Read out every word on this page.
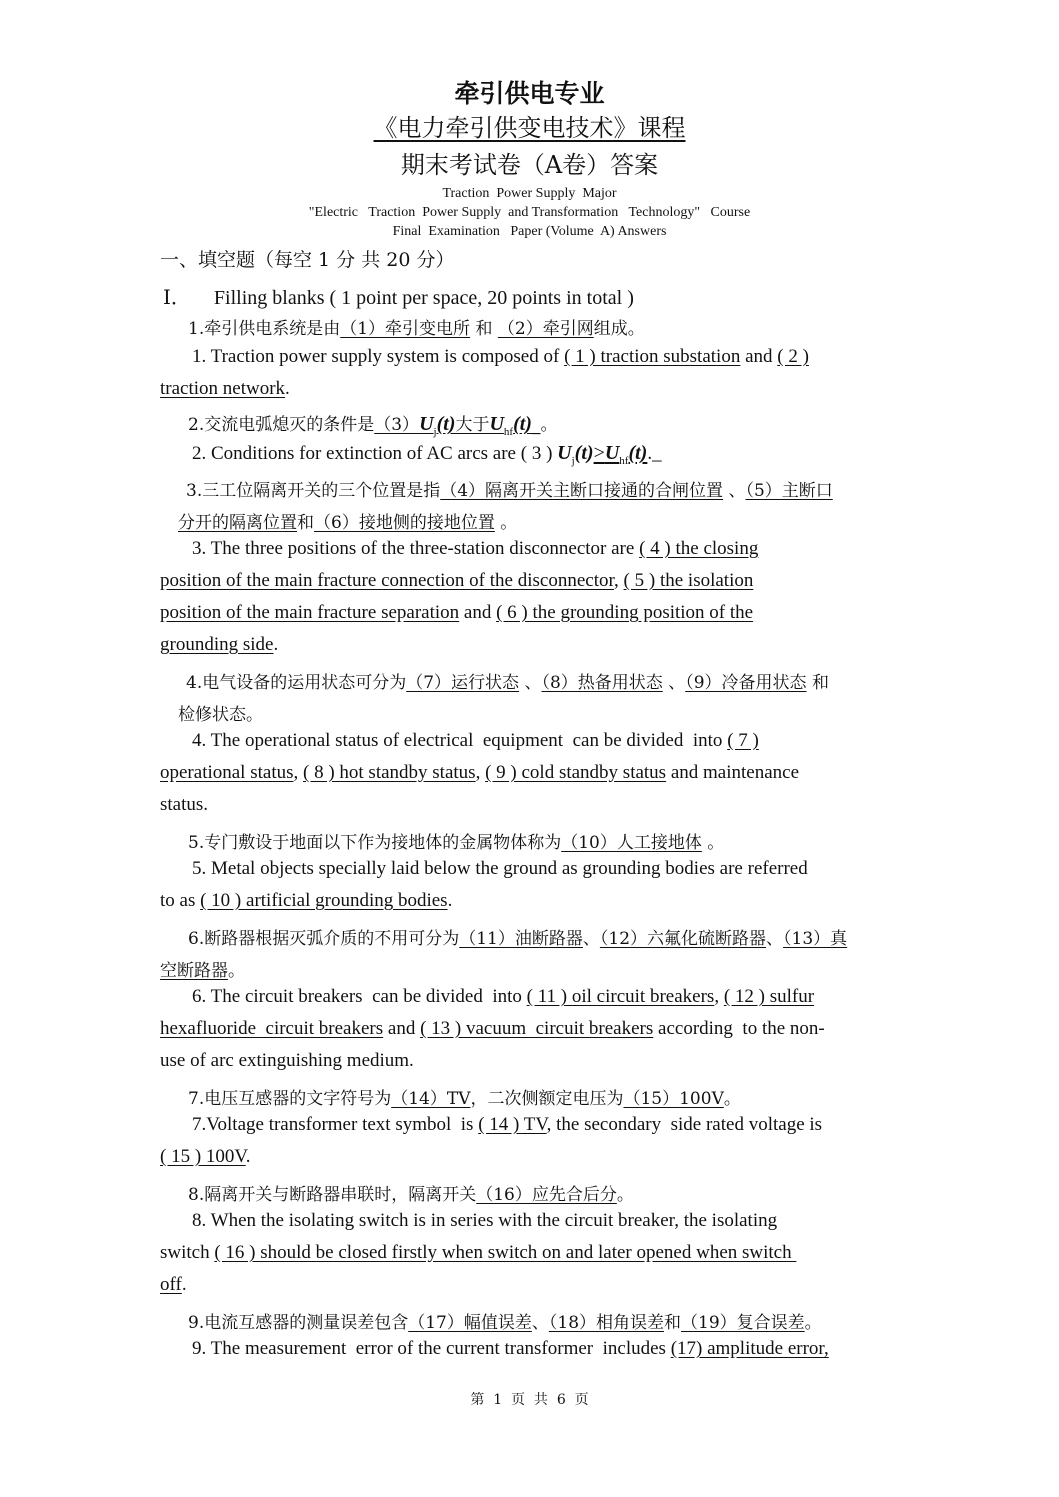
牵引供电专业
《电力牵引供变电技术》课程
期末考试卷（A卷）答案
Traction  Power Supply  Major
"Electric   Traction  Power Supply  and Transformation   Technology"   Course
Final  Examination   Paper (Volume  A) Answers
一、填空题（每空 1 分 共 20 分）
Ⅰ． Filling blanks ( 1 point per space, 20 points in total )
1.牵引供电系统是由（1）牵引变电所 和 （2）牵引网组成。
1. Traction power supply system is composed of ( 1 ) traction substation and ( 2 )
traction network.
2.交流电弧熄灭的条件是$(3)U_j(t)$大于$U_{hf}(t)\_$。
2. Conditions for extinction of AC arcs are ( 3 ) $U_j(t)>U_{hf}(t).\_$
3.三工位隔离开关的三个位置是指（4）隔离开关主断口接通的合闸位置 、（5）主断口
分开的隔离位置和（6）接地侧的接地位置 。
3. The three positions of the three-station disconnector are ( 4 ) the closing
position of the main fracture connection of the disconnector, ( 5 ) the isolation
position of the main fracture separation and ( 6 ) the grounding position of the
grounding side.
4.电气设备的运用状态可分为（7）运行状态 、（8）热备用状态 、（9）冷备用状态 和
检修状态。
4. The operational status of electrical  equipment  can be divided  into ( 7 )
operational status, ( 8 ) hot standby status, ( 9 ) cold standby status and maintenance
status.
5.专门敷设于地面以下作为接地体的金属物体称为（10）人工接地体 。
5. Metal objects specially laid below the ground as grounding bodies are referred
to as ( 10 ) artificial grounding bodies.
6.断路器根据灭弧介质的不用可分为（11）油断路器、（12）六氟化硫断路器、（13）真
空断路器。
6. The circuit breakers  can be divided  into ( 11 ) oil circuit breakers, ( 12 ) sulfur
hexafluoride  circuit breakers and ( 13 ) vacuum  circuit breakers according  to the non-
use of arc extinguishing medium.
7.电压互感器的文字符号为（14）TV，二次侧额定电压为（15）100V。
7.Voltage transformer text symbol  is ( 14 ) TV, the secondary  side rated voltage is
( 15 ) 100V.
8.隔离开关与断路器串联时，隔离开关（16）应先合后分。
8. When the isolating switch is in series with the circuit breaker, the isolating
switch ( 16 ) should be closed firstly when switch on and later opened when switch
off.
9.电流互感器的测量误差包含（17）幅值误差、（18）相角误差和（19）复合误差。
9. The measurement  error of the current transformer  includes (17) amplitude error,
第  1  页  共  6  页
